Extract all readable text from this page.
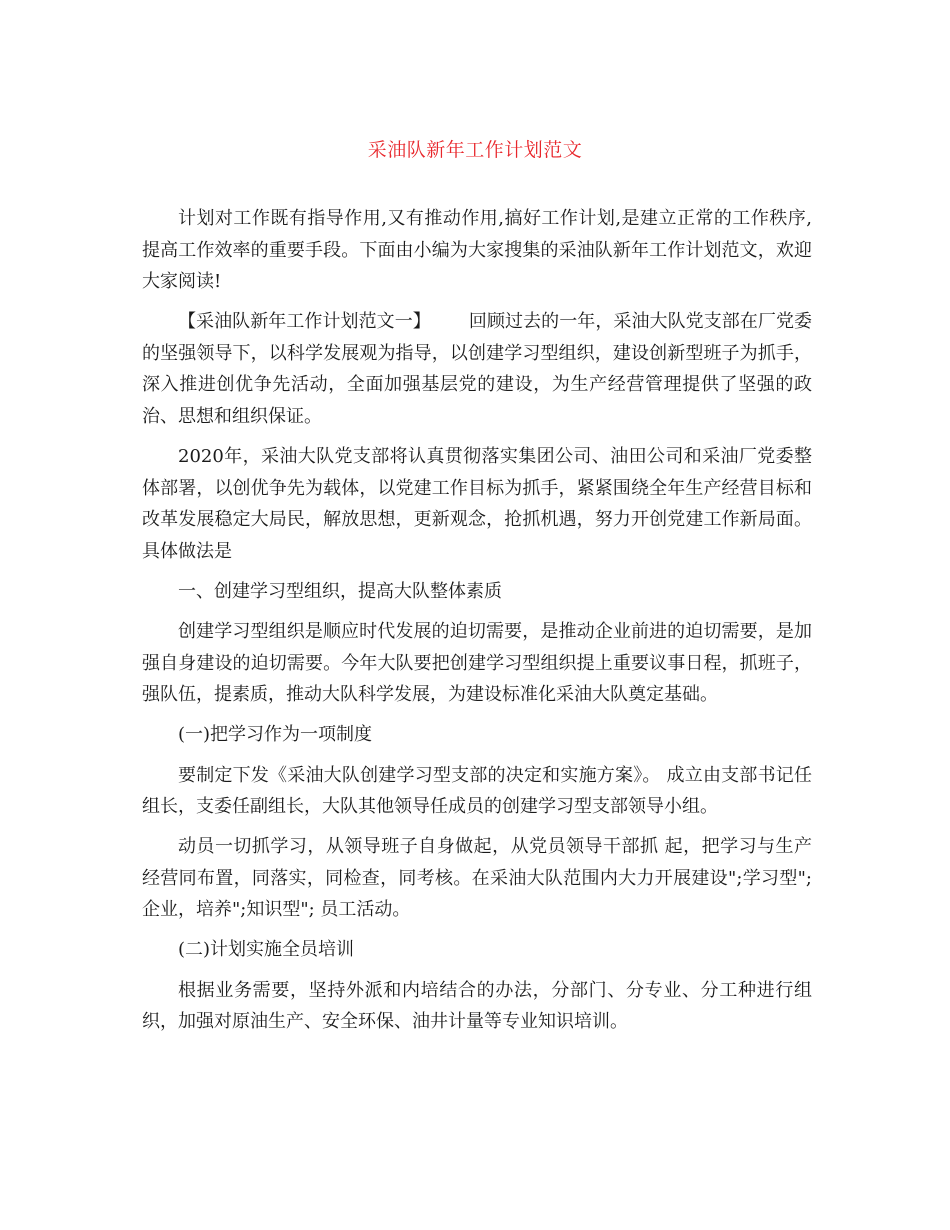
采油队新年工作计划范文

计划对工作既有指导作用,又有推动作用,搞好工作计划,是建立正常的工作秩序,提高工作效率的重要手段。下面由小编为大家搜集的采油队新年工作计划范文，欢迎大家阅读!

【采油队新年工作计划范文一】 回顾过去的一年，采油大队党支部在厂党委的坚强领导下，以科学发展观为指导，以创建学习型组织，建设创新型班子为抓手，深入推进创优争先活动，全面加强基层党的建设，为生产经营管理提供了坚强的政治、思想和组织保证。

2020年，采油大队党支部将认真贯彻落实集团公司、油田公司和采油厂党委整体部署，以创优争先为载体，以党建工作目标为抓手，紧紧围绕全年生产经营目标和改革发展稳定大局民，解放思想，更新观念，抢抓机遇，努力开创党建工作新局面。具体做法是

一、创建学习型组织，提高大队整体素质

创建学习型组织是顺应时代发展的迫切需要，是推动企业前进的迫切需要，是加强自身建设的迫切需要。今年大队要把创建学习型组织提上重要议事日程，抓班子，强队伍，提素质，推动大队科学发展，为建设标准化采油大队奠定基础。

(一)把学习作为一项制度

要制定下发《采油大队创建学习型支部的决定和实施方案》。 成立由支部书记任组长，支委任副组长，大队其他领导任成员的创建学习型支部领导小组。

动员一切抓学习，从领导班子自身做起，从党员领导干部抓 起，把学习与生产经营同布置，同落实，同检查，同考核。在采油大队范围内大力开展建设";学习型";企业，培养";知识型"; 员工活动。

(二)计划实施全员培训

根据业务需要，坚持外派和内培结合的办法，分部门、分专业、分工种进行组织，加强对原油生产、安全环保、油井计量等专业知识培训。
